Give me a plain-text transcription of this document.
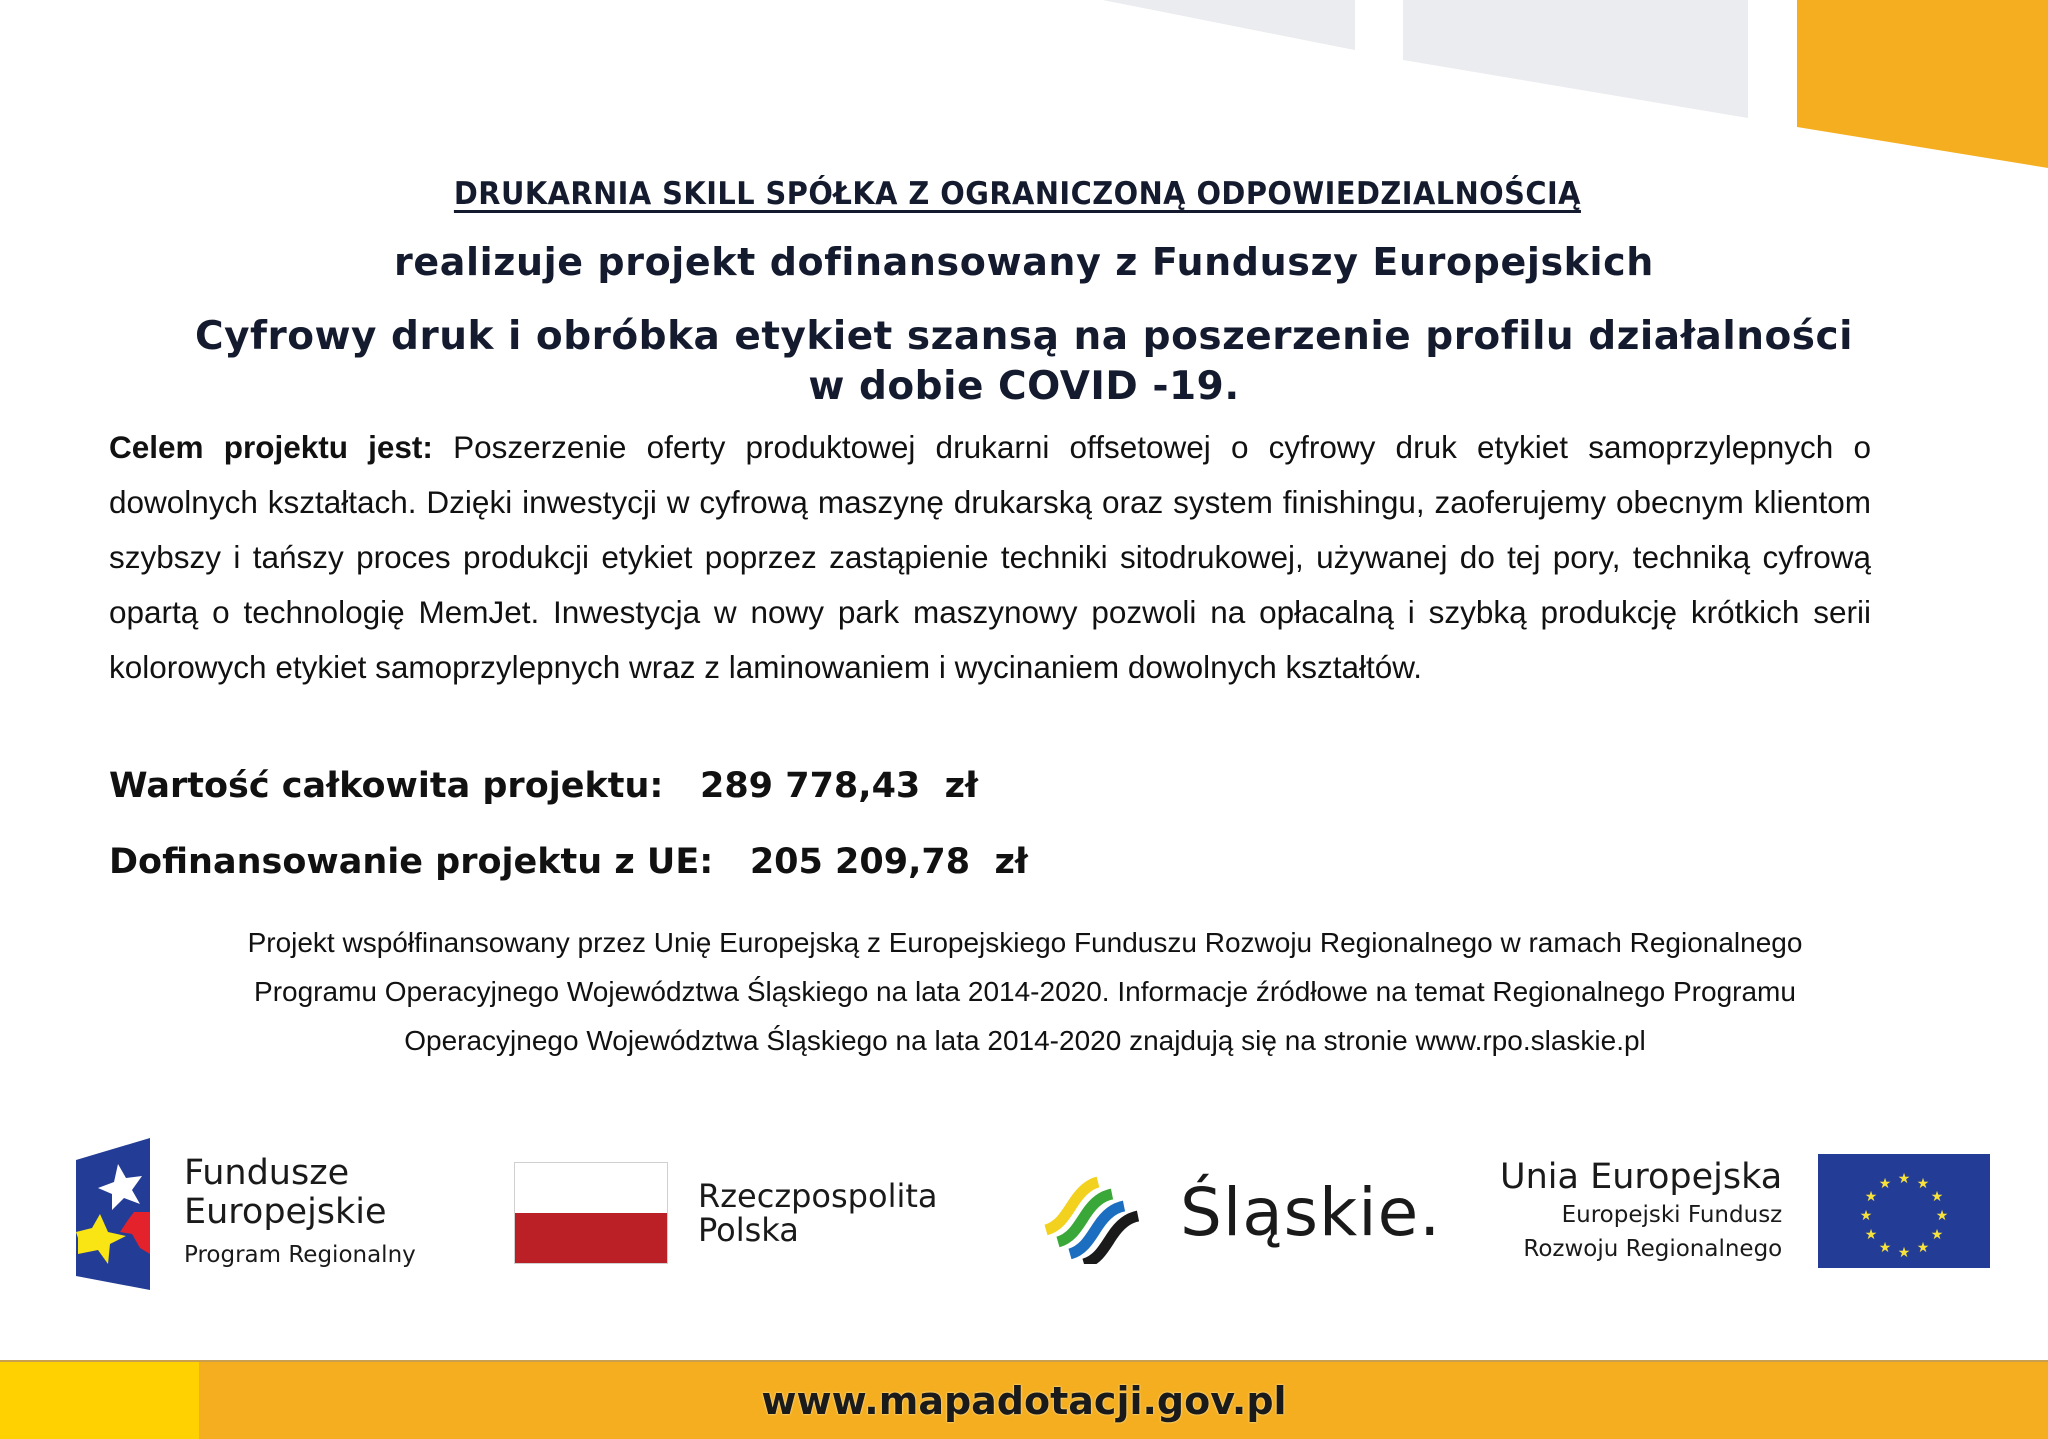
DRUKARNIA SKILL SPÓŁKA Z OGRANICZONĄ ODPOWIEDZIALNOŚCIĄ
realizuje projekt dofinansowany z Funduszy Europejskich
Cyfrowy druk i obróbka etykiet szansą na poszerzenie profilu działalności
w dobie COVID -19.
Celem projektu jest: Poszerzenie oferty produktowej drukarni offsetowej o cyfrowy druk etykiet samoprzylepnych o dowolnych kształtach. Dzięki inwestycji w cyfrową maszynę drukarską oraz system finishingu, zaoferujemy obecnym klientom szybszy i tańszy proces produkcji etykiet poprzez zastąpienie techniki sitodrukowej, używanej do tej pory, techniką cyfrową opartą o technologię MemJet. Inwestycja w nowy park maszynowy pozwoli na opłacalną i szybką produkcję krótkich serii kolorowych etykiet samoprzylepnych wraz z laminowaniem i wycinaniem dowolnych kształtów.
Wartość całkowita projektu: 289 778,43  zł
Dofinansowanie projektu z UE: 205 209,78  zł
Projekt współfinansowany przez Unię Europejską z Europejskiego Funduszu Rozwoju Regionalnego w ramach Regionalnego
Programu Operacyjnego Województwa Śląskiego na lata 2014-2020. Informacje źródłowe na temat Regionalnego Programu
Operacyjnego Województwa Śląskiego na lata 2014-2020 znajdują się na stronie www.rpo.slaskie.pl
Fundusze
Europejskie
Program Regionalny
Rzeczpospolita
Polska	Śląskie. Unia Europejska
Europejski Fundusz
Rozwoju Regionalnego
★ ★
★
★
★
★
★
★
★
★
★
★
www.mapadotacji.gov.pl
